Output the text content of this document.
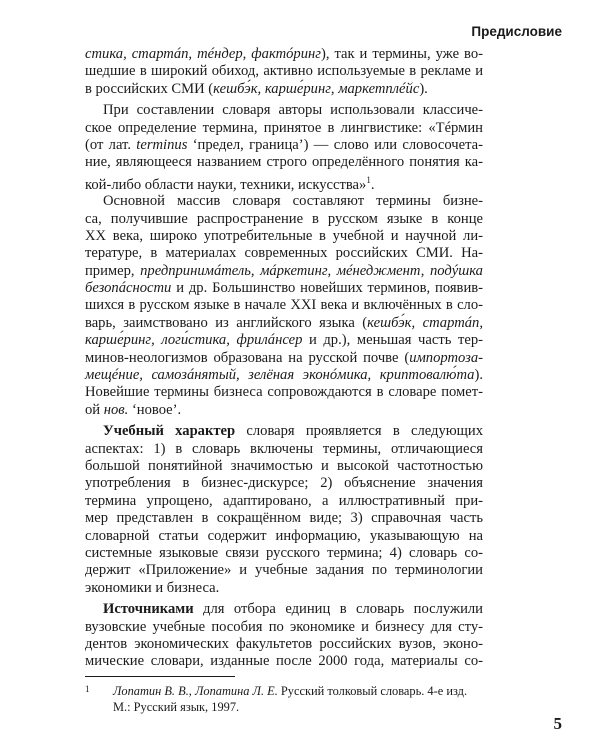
Предисловие
стика, стартáп, тéндер, фактóринг), так и термины, уже во-
шедшие в широкий обиход, активно используемые в рекламе и
в российских СМИ (кешбэ́к, карше́ринг, маркетплéйс).
При составлении словаря авторы использовали классиче-
ское определение термина, принятое в лингвистике: «Тéрмин
(от лат. terminus ‘предел, граница’) — слово или словосочета-
ние, являющееся названием строго определённого понятия ка-
кой-либо области науки, техники, искусства»$^1$.
Основной массив словаря составляют термины бизне-
са, получившие распространение в русском языке в конце
XX века, широко употребительные в учебной и научной ли-
тературе, в материалах современных российских СМИ. На-
пример, предпринимáтель, мáркетинг, мéнеджмент, подýшка
безопáсности и др. Большинство новейших терминов, появив-
шихся в русском языке в начале XXI века и включённых в сло-
варь, заимствовано из английского языка (кешбэ́к, стартáп,
карше́ринг, логи́стика, фрилáнсер и др.), меньшая часть тер-
минов-неологизмов образована на русской почве (импортоза-
мещéние, самозáнятый, зелёная эконóмика, криптовалю́та).
Новейшие термины бизнеса сопровождаются в словаре помет-
ой нов. ‘новое’.
Учебный характер словаря проявляется в следующих
аспектах: 1) в словарь включены термины, отличающиеся
большой понятийной значимостью и высокой частотностью
употребления в бизнес-дискурсе; 2) объяснение значения
термина упрощено, адаптировано, а иллюстративный при-
мер представлен в сокращённом виде; 3) справочная часть
словарной статьи содержит информацию, указывающую на
системные языковые связи русского термина; 4) словарь со-
держит «Приложение» и учебные задания по терминологии
экономики и бизнеса.
Источниками для отбора единиц в словарь послужили
вузовские учебные пособия по экономике и бизнесу для сту-
дентов экономических факультетов российских вузов, эконо-
мические словари, изданные после 2000 года, материалы со-
1	Лопатин В. В., Лопатина Л. Е. Русский толковый словарь. 4-е изд.
М.: Русский язык, 1997.
5
